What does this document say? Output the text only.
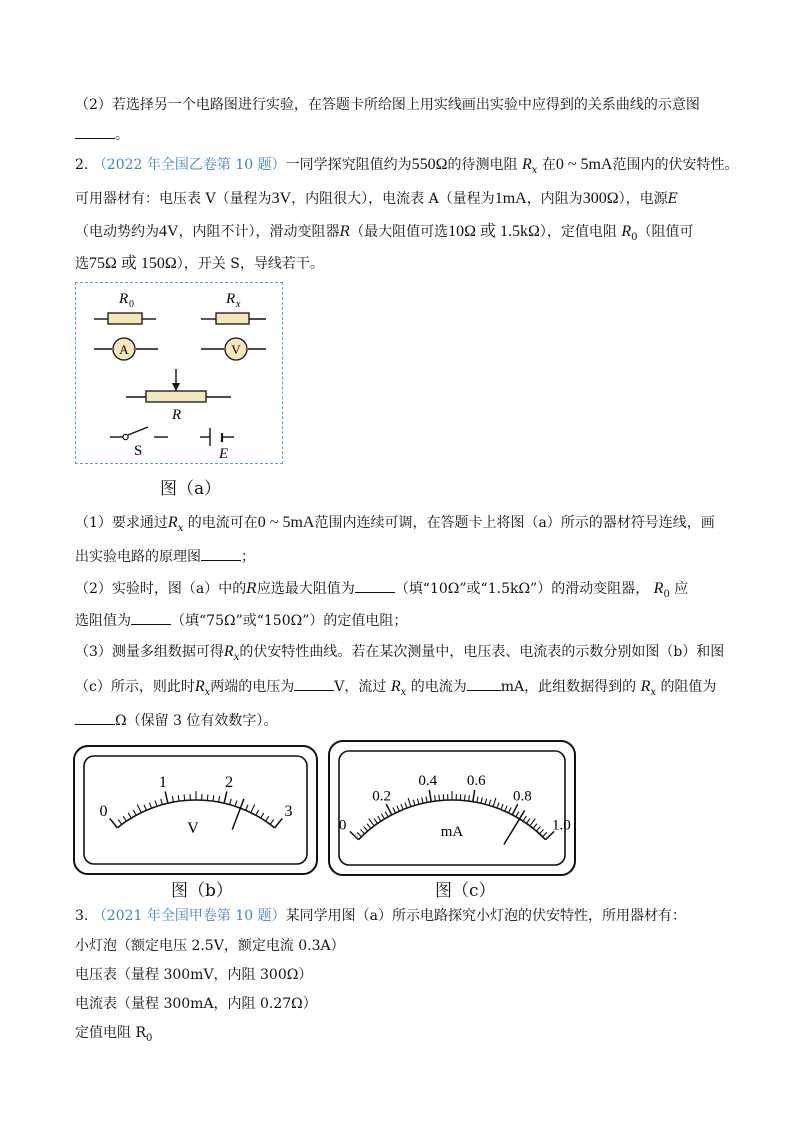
（2）若选择另一个电路图进行实验，在答题卡所给图上用实线画出实验中应得到的关系曲线的示意图
。
2. （2022 年全国乙卷第 10 题）一同学探究阻值约为550Ω的待测电阻 $R_x$ 在0 ~ 5mA范围内的伏安特性。
可用器材有：电压表 V（量程为3V，内阻很大），电流表 A（量程为1mA，内阻为300Ω），电源E
（电动势约为4V，内阻不计），滑动变阻器R（最大阻值可选10Ω 或 1.5kΩ），定值电阻 $R_0$（阻值可
选75Ω 或 150Ω），开关 S，导线若干。
R 0	R x
A	V
R
S	E
图（a）
（1）要求通过$R_x$ 的电流可在0 ~ 5mA范围内连续可调，在答题卡上将图（a）所示的器材符号连线，画
出实验电路的原理图	；
（2）实验时，图（a）中的R应选最大阻值为	（填“10Ω”或“1.5kΩ”）的滑动变阻器， $R_0$ 应
选阻值为	（填“75Ω”或“150Ω”）的定值电阻；
（3）测量多组数据可得$R_x$的伏安特性曲线。若在某次测量中，电压表、电流表的示数分别如图（b）和图
（c）所示，则此时$R_x$两端的电压为	V，流过 $R_x$ 的电流为 mA，此组数据得到的 $R_x$ 的阻值为
Ω（保留 3 位有效数字）。
0
1	2
3
V
图（b）
0
0.2
0.4 0.6
0.8
1.0
mA
图（c）
3. （2021 年全国甲卷第 10 题）某同学用图（a）所示电路探究小灯泡的伏安特性，所用器材有：
小灯泡（额定电压 2.5V，额定电流 0.3A）
电压表（量程 300mV，内阻 300Ω）
电流表（量程 300mA，内阻 0.27Ω）
定值电阻 $R_0$
